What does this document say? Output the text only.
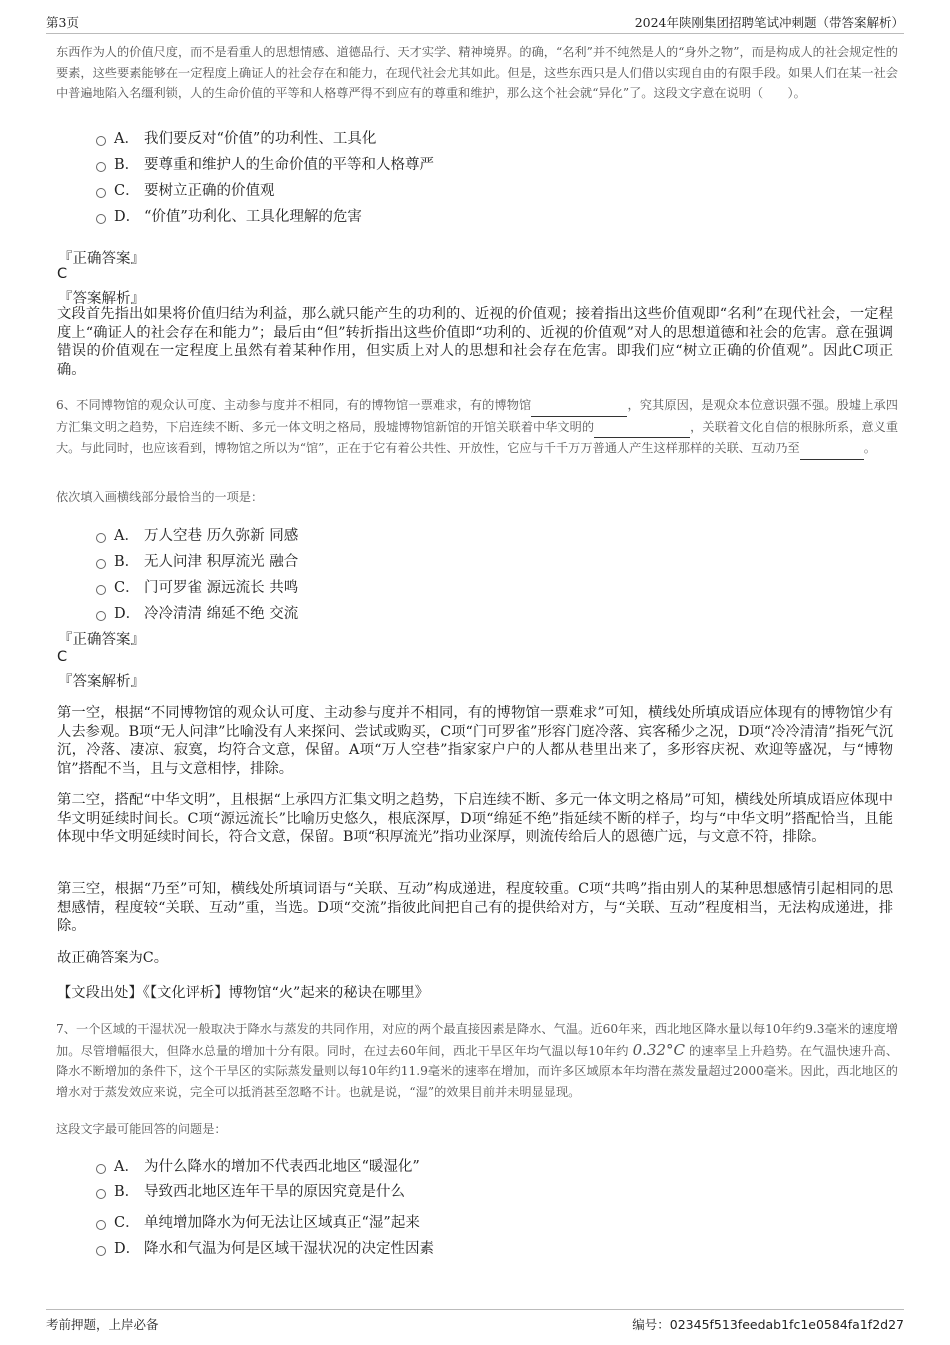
第3页	2024年陕刚集团招聘笔试冲刺题（带答案解析）
东西作为人的价值尺度，而不是看重人的思想情感、道德品行、天才实学、精神境界。的确，“名利”并不纯然是人的“身外之物”，而是构成人的社会规定性的要素，这些要素能够在一定程度上确证人的社会存在和能力，在现代社会尤其如此。但是，这些东西只是人们借以实现自由的有限手段。如果人们在某一社会中普遍地陷入名缰利锁，人的生命价值的平等和人格尊严得不到应有的尊重和维护，那么这个社会就“异化”了。这段文字意在说明（　　）。
A． 我们要反对“价值”的功利性、工具化
B． 要尊重和维护人的生命价值的平等和人格尊严
C． 要树立正确的价值观
D． “价值”功利化、工具化理解的危害
『正确答案』
C
『答案解析』
文段首先指出如果将价值归结为利益，那么就只能产生的功利的、近视的价值观；接着指出这些价值观即“名利”在现代社会，一定程度上“确证人的社会存在和能力”；最后由“但”转折指出这些价值即“功利的、近视的价值观”对人的思想道德和社会的危害。意在强调错误的价值观在一定程度上虽然有着某种作用，但实质上对人的思想和社会存在危害。即我们应“树立正确的价值观”。因此C项正确。
6、不同博物馆的观众认可度、主动参与度并不相同，有的博物馆一票难求，有的博物馆	，究其原因，是观众本位意识强不强。殷墟上承四方汇集文明之趋势，下启连续不断、多元一体文明之格局，殷墟博物馆新馆的开馆关联着中华文明的	，关联着文化自信的根脉所系，意义重大。与此同时，也应该看到，博物馆之所以为“馆”，正在于它有着公共性、开放性，它应与千千万万普通人产生这样那样的关联、互动乃至	。
依次填入画横线部分最恰当的一项是：
A． 万人空巷 历久弥新 同感
B． 无人问津 积厚流光 融合
C． 门可罗雀 源远流长 共鸣
D． 冷冷清清 绵延不绝 交流
『正确答案』
C
『答案解析』
第一空，根据“不同博物馆的观众认可度、主动参与度并不相同，有的博物馆一票难求”可知，横线处所填成语应体现有的博物馆少有人去参观。B项“无人问津”比喻没有人来探问、尝试或购买，C项“门可罗雀”形容门庭冷落、宾客稀少之况，D项“冷冷清清”指死气沉沉，冷落、凄凉、寂寞，均符合文意，保留。A项“万人空巷”指家家户户的人都从巷里出来了，多形容庆祝、欢迎等盛况，与“博物馆”搭配不当，且与文意相悖，排除。
第二空，搭配“中华文明”，且根据“上承四方汇集文明之趋势，下启连续不断、多元一体文明之格局”可知，横线处所填成语应体现中华文明延续时间长。C项“源远流长”比喻历史悠久，根底深厚，D项“绵延不绝”指延续不断的样子，均与“中华文明”搭配恰当，且能体现中华文明延续时间长，符合文意，保留。B项“积厚流光”指功业深厚，则流传给后人的恩德广远，与文意不符，排除。
第三空，根据“乃至”可知，横线处所填词语与“关联、互动”构成递进，程度较重。C项“共鸣”指由别人的某种思想感情引起相同的思想感情，程度较“关联、互动”重，当选。D项“交流”指彼此间把自己有的提供给对方，与“关联、互动”程度相当，无法构成递进，排除。
故正确答案为C。
【文段出处】《【文化评析】博物馆“火”起来的秘诀在哪里》
7、一个区域的干湿状况一般取决于降水与蒸发的共同作用，对应的两个最直接因素是降水、气温。近60年来，西北地区降水量以每10年约9.3毫米的速度增加。尽管增幅很大，但降水总量的增加十分有限。同时，在过去60年间，西北干旱区年均气温以每10年约 0.32°C 的速率呈上升趋势。在气温快速升高、降水不断增加的条件下，这个干旱区的实际蒸发量则以每10年约11.9毫米的速率在增加，而许多区域原本年均潜在蒸发量超过2000毫米。因此，西北地区的增水对于蒸发效应来说，完全可以抵消甚至忽略不计。也就是说，“湿”的效果目前并未明显显现。
这段文字最可能回答的问题是：
A． 为什么降水的增加不代表西北地区“暖湿化”
B． 导致西北地区连年干旱的原因究竟是什么
C． 单纯增加降水为何无法让区域真正“湿”起来
D． 降水和气温为何是区域干湿状况的决定性因素
考前押题，上岸必备	编号：02345f513feedab1fc1e0584fa1f2d27
